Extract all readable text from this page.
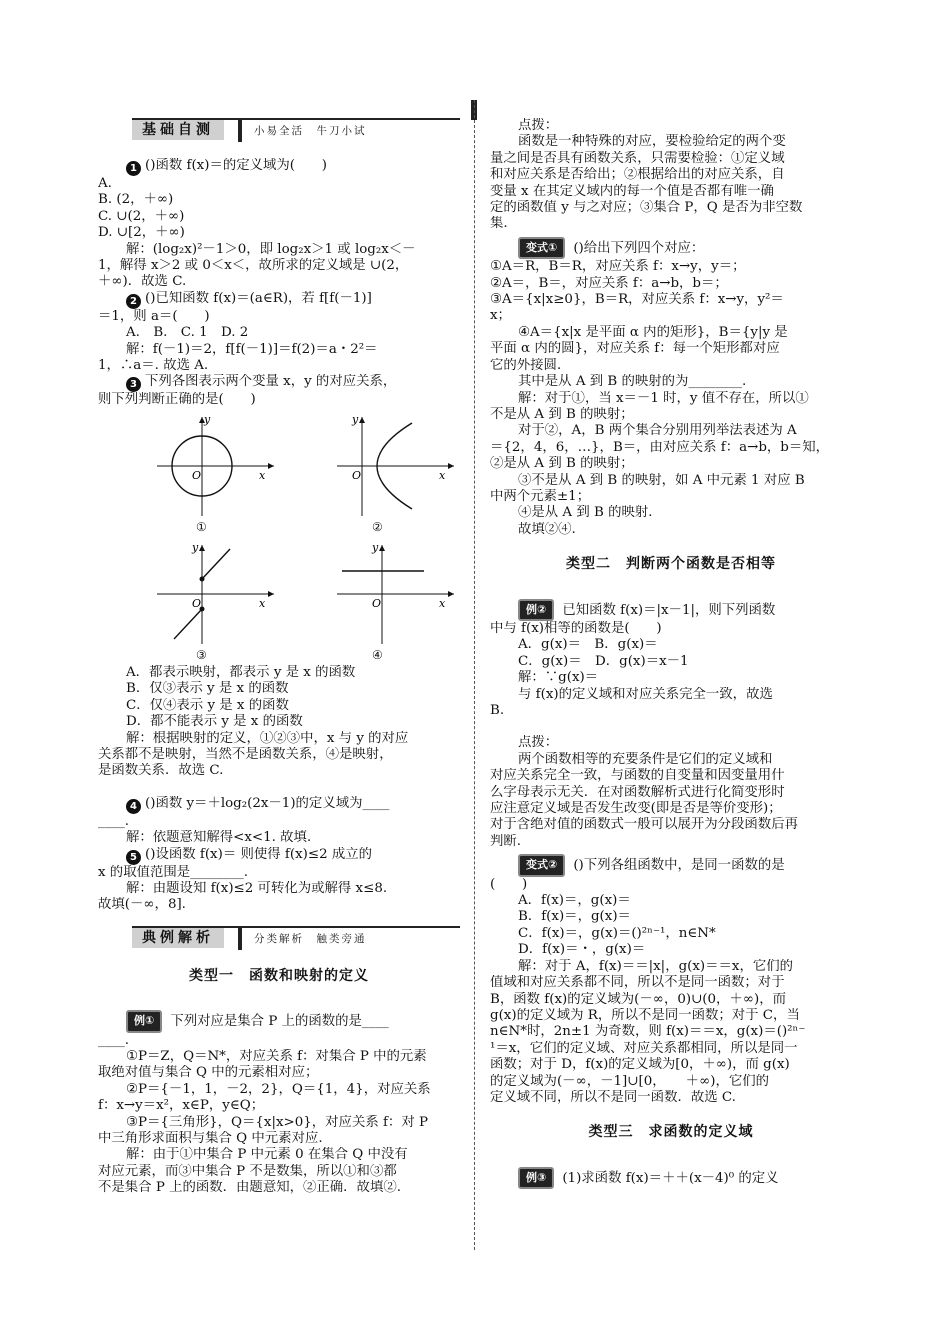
基础自测	小易全活　牛刀小试
1 ()函数 f(x)＝的定义域为(　　)
A.
B. (2，＋∞)
C. ∪(2，＋∞)
D. ∪[2，＋∞)
解：(log₂x)²－1＞0，即 log₂x＞1 或 log₂x＜－
1，解得 x＞2 或 0＜x＜，故所求的定义域是 ∪(2，
＋∞)．故选 C.
2 ()已知函数 f(x)＝(a∈R)，若 f[f(－1)]
＝1，则 a＝(　　)
A.　B.　C. 1　D. 2
解：f(－1)＝2，f[f(－1)]＝f(2)＝a・2²＝
1，∴a＝. 故选 A.
3 下列各图表示两个变量 x，y 的对应关系，
则下列判断正确的是(　　)
O	x
y
①
O	x
y
②
O	x
y
③
O	x
y
④
A．都表示映射，都表示 y 是 x 的函数
B．仅③表示 y 是 x 的函数
C．仅④表示 y 是 x 的函数
D．都不能表示 y 是 x 的函数
解：根据映射的定义，①②③中，x 与 y 的对应
关系都不是映射，当然不是函数关系，④是映射，
是函数关系．故选 C.
4 ()函数 y＝＋log₂(2x－1)的定义域为____
____.
解：依题意知解得<x<1. 故填.
5 ()设函数 f(x)＝ 则使得 f(x)≤2 成立的
x 的取值范围是________.
解：由题设知 f(x)≤2 可转化为或解得 x≤8.
故填(－∞，8].
典例解析	分类解析　触类旁通
类型一　函数和映射的定义
例① 下列对应是集合 P 上的函数的是____
____.
①P＝Z，Q＝N*，对应关系 f：对集合 P 中的元素
取绝对值与集合 Q 中的元素相对应；
②P＝{－1，1，－2，2}，Q＝{1，4}，对应关系
f：x→y＝x²，x∈P，y∈Q；
③P＝{三角形}，Q＝{x|x>0}，对应关系 f：对 P
中三角形求面积与集合 Q 中元素对应.
解：由于①中集合 P 中元素 0 在集合 Q 中没有
对应元素，而③中集合 P 不是数集，所以①和③都
不是集合 P 上的函数．由题意知，②正确．故填②.
点拨：
函数是一种特殊的对应，要检验给定的两个变
量之间是否具有函数关系，只需要检验：①定义域
和对应关系是否给出；②根据给出的对应关系，自
变量 x 在其定义域内的每一个值是否都有唯一确
定的函数值 y 与之对应；③集合 P，Q 是否为非空数
集.
变式① ()给出下列四个对应：
①A＝R，B＝R，对应关系 f：x→y，y＝；
②A＝，B＝，对应关系 f：a→b，b＝；
③A＝{x|x≥0}，B＝R，对应关系 f：x→y，y²＝
x；
④A＝{x|x 是平面 α 内的矩形}，B＝{y|y 是
平面 α 内的圆}，对应关系 f：每一个矩形都对应
它的外接圆．
其中是从 A 到 B 的映射的为________.
解：对于①，当 x＝－1 时，y 值不存在，所以①
不是从 A 到 B 的映射；
对于②，A，B 两个集合分别用列举法表述为 A
＝{2，4，6，…}，B＝，由对应关系 f：a→b，b＝知，
②是从 A 到 B 的映射；
③不是从 A 到 B 的映射，如 A 中元素 1 对应 B
中两个元素±1；
④是从 A 到 B 的映射．
故填②④.
类型二　判断两个函数是否相等
例② 已知函数 f(x)＝|x－1|，则下列函数
中与 f(x)相等的函数是(　　)
A．g(x)＝　B．g(x)＝
C．g(x)＝　D．g(x)＝x－1
解：∵g(x)＝
与 f(x)的定义域和对应关系完全一致，故选
B.
点拨：
两个函数相等的充要条件是它们的定义域和
对应关系完全一致，与函数的自变量和因变量用什
么字母表示无关．在对函数解析式进行化简变形时
应注意定义域是否发生改变(即是否是等价变形)；
对于含绝对值的函数式一般可以展开为分段函数后再
判断.
变式② ()下列各组函数中，是同一函数的是
(　　)
A．f(x)＝，g(x)＝
B．f(x)＝，g(x)＝
C．f(x)＝，g(x)＝()²ⁿ⁻¹，n∈N*
D．f(x)＝・，g(x)＝
解：对于 A，f(x)＝＝|x|，g(x)＝＝x，它们的
值域和对应关系都不同，所以不是同一函数；对于
B，函数 f(x)的定义域为(－∞，0)∪(0，＋∞)，而
g(x)的定义域为 R，所以不是同一函数；对于 C，当
n∈N*时，2n±1 为奇数，则 f(x)＝＝x，g(x)＝()²ⁿ⁻
¹＝x，它们的定义域、对应关系都相同，所以是同一
函数；对于 D，f(x)的定义域为[0，＋∞)，而 g(x)
的定义域为(－∞，－1]∪[0，　　＋∞)，它们的
定义域不同，所以不是同一函数．故选 C.
类型三　求函数的定义域
例③ (1)求函数 f(x)＝＋＋(x－4)⁰ 的定义
